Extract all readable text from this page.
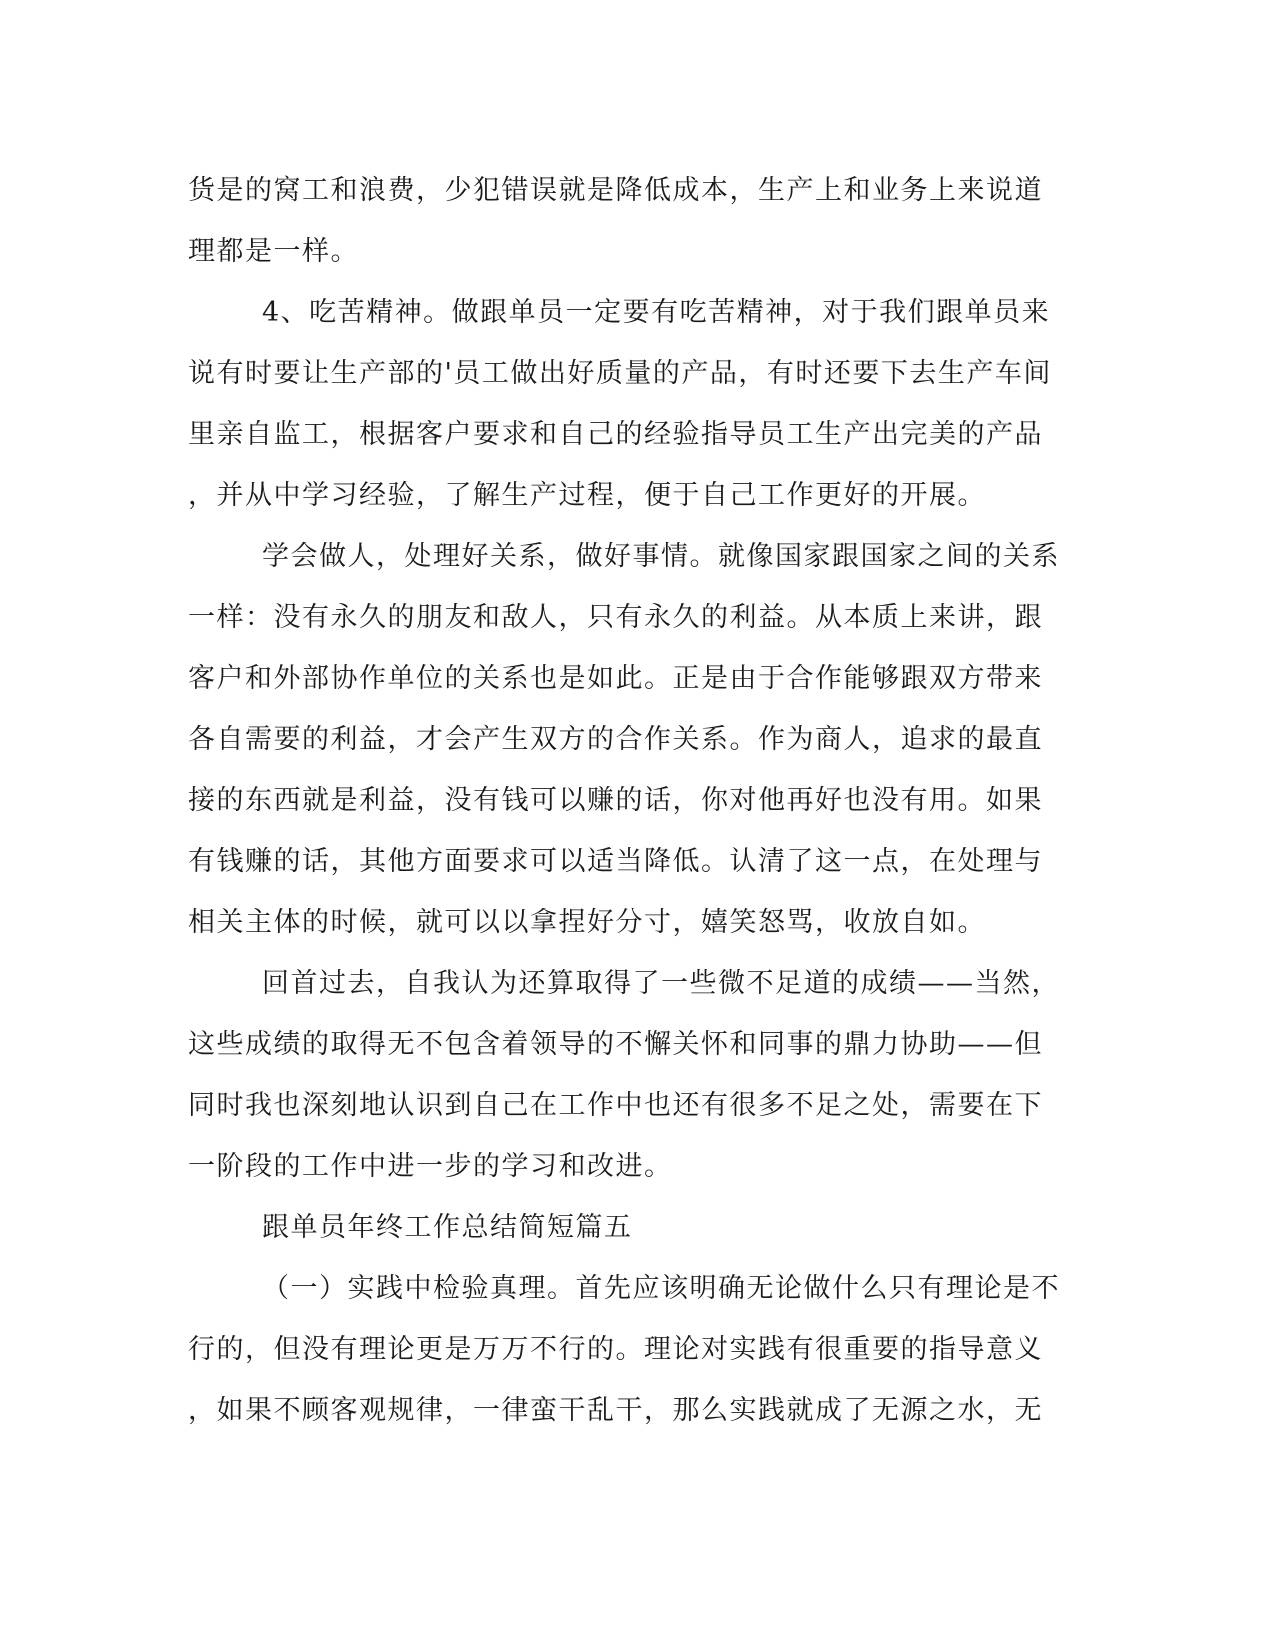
货是的窝工和浪费，少犯错误就是降低成本，生产上和业务上来说道
理都是一样。
4、吃苦精神。做跟单员一定要有吃苦精神，对于我们跟单员来
说有时要让生产部的'员工做出好质量的产品，有时还要下去生产车间
里亲自监工，根据客户要求和自己的经验指导员工生产出完美的产品
，并从中学习经验，了解生产过程，便于自己工作更好的开展。
学会做人，处理好关系，做好事情。就像国家跟国家之间的关系
一样：没有永久的朋友和敌人，只有永久的利益。从本质上来讲，跟
客户和外部协作单位的关系也是如此。正是由于合作能够跟双方带来
各自需要的利益，才会产生双方的合作关系。作为商人，追求的最直
接的东西就是利益，没有钱可以赚的话，你对他再好也没有用。如果
有钱赚的话，其他方面要求可以适当降低。认清了这一点，在处理与
相关主体的时候，就可以以拿捏好分寸，嬉笑怒骂，收放自如。
回首过去，自我认为还算取得了一些微不足道的成绩——当然，
这些成绩的取得无不包含着领导的不懈关怀和同事的鼎力协助——但
同时我也深刻地认识到自己在工作中也还有很多不足之处，需要在下
一阶段的工作中进一步的学习和改进。
跟单员年终工作总结简短篇五
（一）实践中检验真理。首先应该明确无论做什么只有理论是不
行的，但没有理论更是万万不行的。理论对实践有很重要的指导意义
，如果不顾客观规律，一律蛮干乱干，那么实践就成了无源之水，无
